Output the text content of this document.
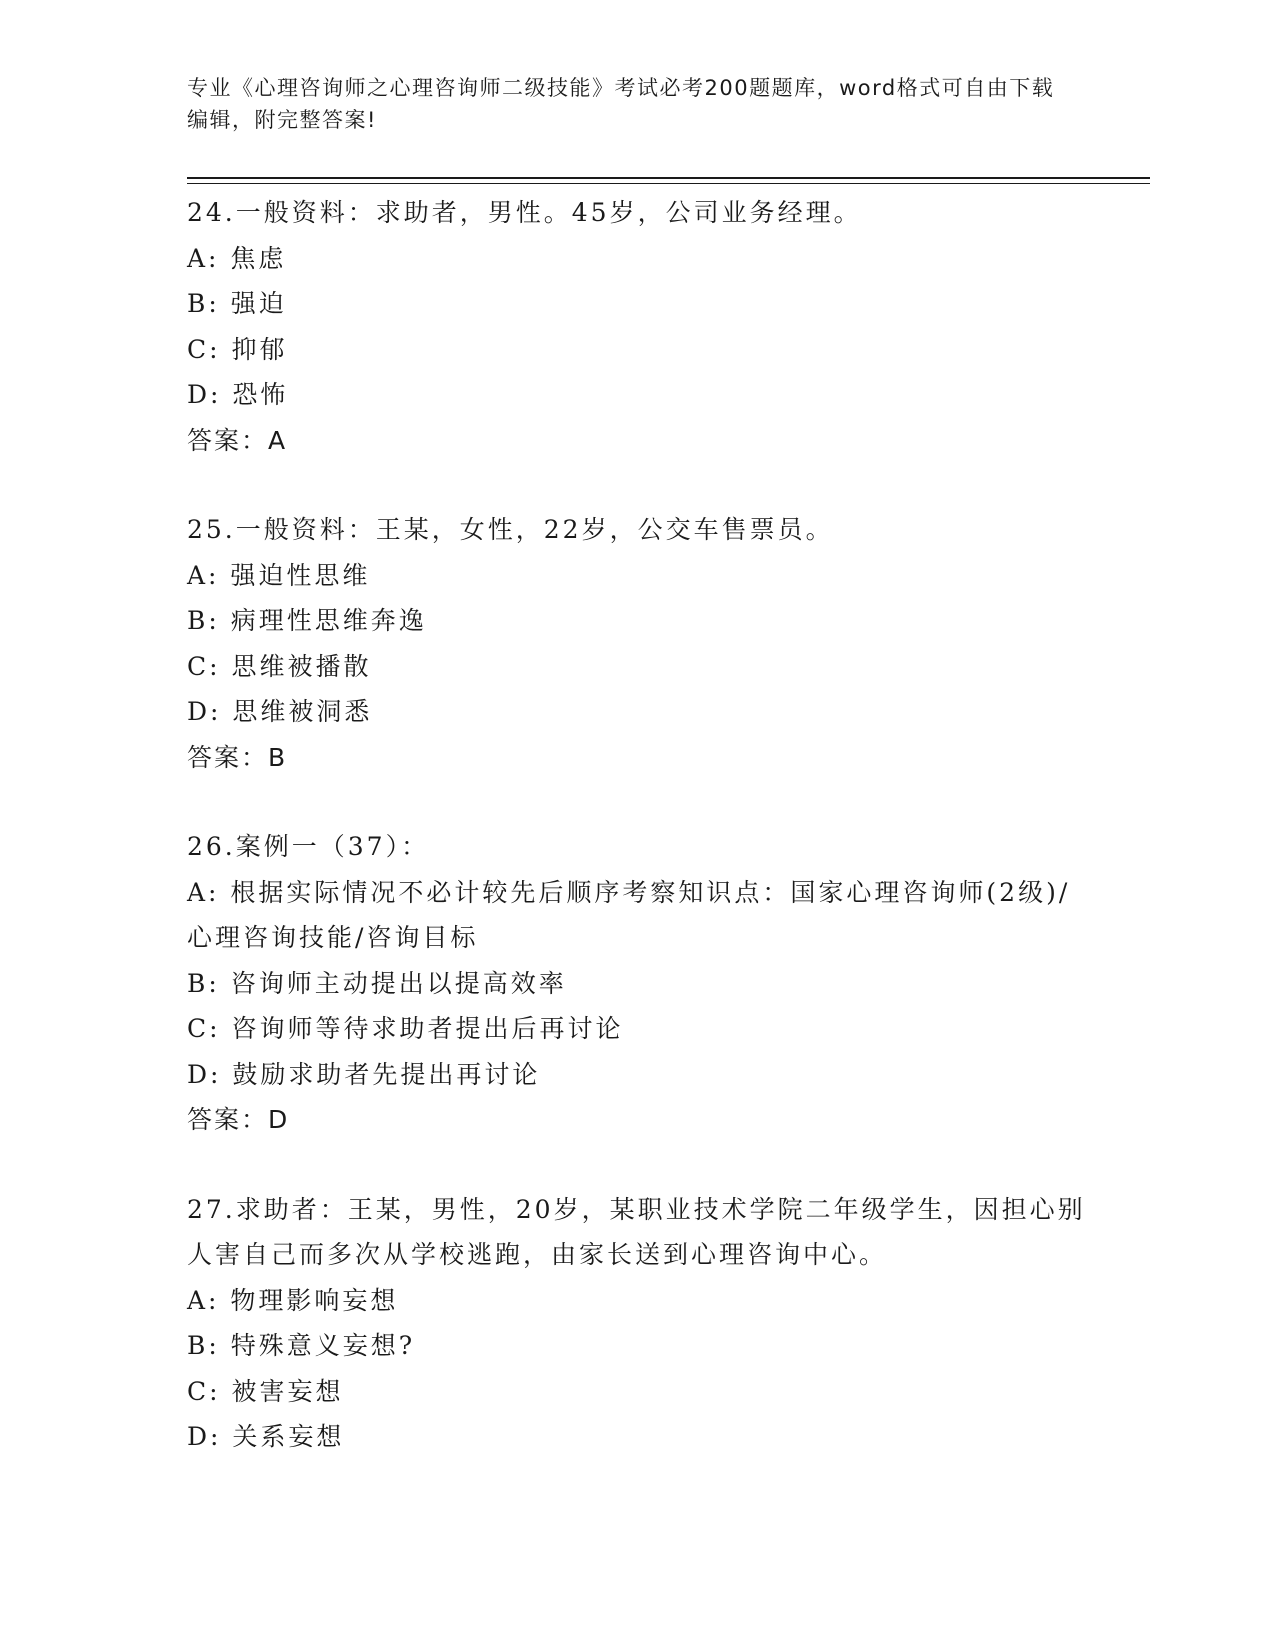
专业《心理咨询师之心理咨询师二级技能》考试必考200题题库，word格式可自由下载编辑，附完整答案!
24.一般资料：求助者，男性。45岁，公司业务经理。
A: 焦虑
B: 强迫
C: 抑郁
D: 恐怖
答案：A
25.一般资料：王某，女性，22岁，公交车售票员。
A: 强迫性思维
B: 病理性思维奔逸
C: 思维被播散
D: 思维被洞悉
答案：B
26.案例一（37）：
A: 根据实际情况不必计较先后顺序考察知识点：国家心理咨询师(2级)/心理咨询技能/咨询目标
B: 咨询师主动提出以提高效率
C: 咨询师等待求助者提出后再讨论
D: 鼓励求助者先提出再讨论
答案：D
27.求助者：王某，男性，20岁，某职业技术学院二年级学生，因担心别人害自己而多次从学校逃跑，由家长送到心理咨询中心。
A: 物理影响妄想
B: 特殊意义妄想?
C: 被害妄想
D: 关系妄想
